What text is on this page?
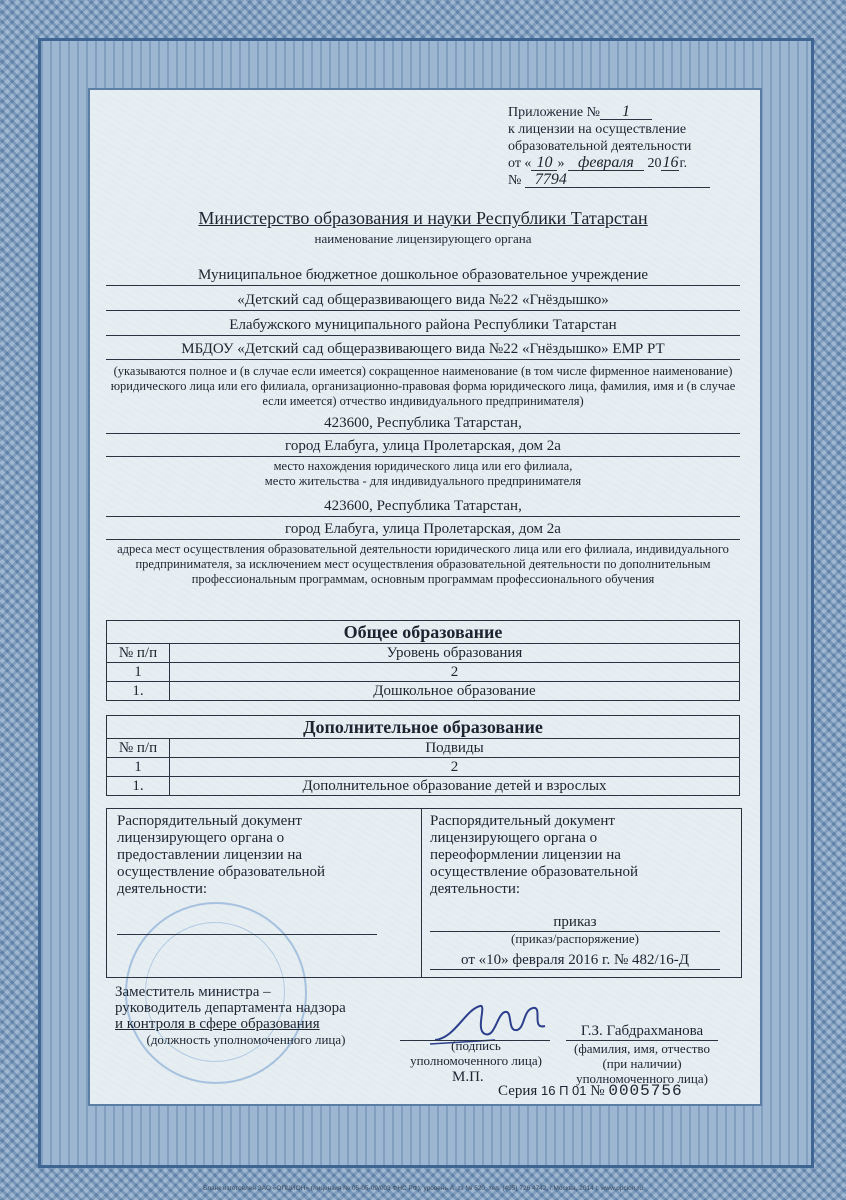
Приложение № 1
к лицензии на осуществление
образовательной деятельности
от « 10 » февраля 2016г.
№ 7794
Министерство образования и науки Республики Татарстан
наименование лицензирующего органа
Муниципальное бюджетное дошкольное образовательное учреждение
«Детский сад общеразвивающего вида №22 «Гнёздышко»
Елабужского муниципального района Республики Татарстан
МБДОУ «Детский сад общеразвивающего вида №22 «Гнёздышко» ЕМР РТ
(указываются полное и (в случае если имеется) сокращенное наименование (в том числе фирменное наименование) юридического лица или его филиала, организационно-правовая форма юридического лица, фамилия, имя и (в случае если имеется) отчество индивидуального предпринимателя)
423600, Республика Татарстан,
город Елабуга, улица Пролетарская, дом 2а
место нахождения юридического лица или его филиала,
место жительства - для индивидуального предпринимателя
423600, Республика Татарстан,
город Елабуга, улица Пролетарская, дом 2а
адреса мест осуществления образовательной деятельности юридического лица или его филиала, индивидуального предпринимателя, за исключением мест осуществления образовательной деятельности по дополнительным профессиональным программам, основным программам профессионального обучения
Общее образование	
№ п/п	Уровень образования
1	2
1.	Дошкольное образование
Дополнительное образование	
№ п/п	Подвиды
1	2
1.	Дополнительное образование детей и взрослых
Распорядительный документ лицензирующего органа о предоставлении лицензии на осуществление образовательной деятельности:
Распорядительный документ лицензирующего органа о переоформлении лицензии на осуществление образовательной деятельности:
приказ
(приказ/распоряжение)
от «10» февраля 2016 г. № 482/16-Д
Заместитель министра –
руководитель департамента надзора
и контроля в сфере образования
(должность уполномоченного лица)	(подпись
уполномоченного лица)
М.П.
Г.З. Габдрахманова
(фамилия, имя, отчество
(при наличии)
уполномоченного лица)
Серия 16 П 01 № 0005756
Бланк изготовлен ЗАО «ОПЦИОН» (лицензия № 05-05-09/003 ФНС РФ), уровень А, тз № 520, тел. (495) 726 4742, г.Москва, 2014 г. www.opcion.ru
